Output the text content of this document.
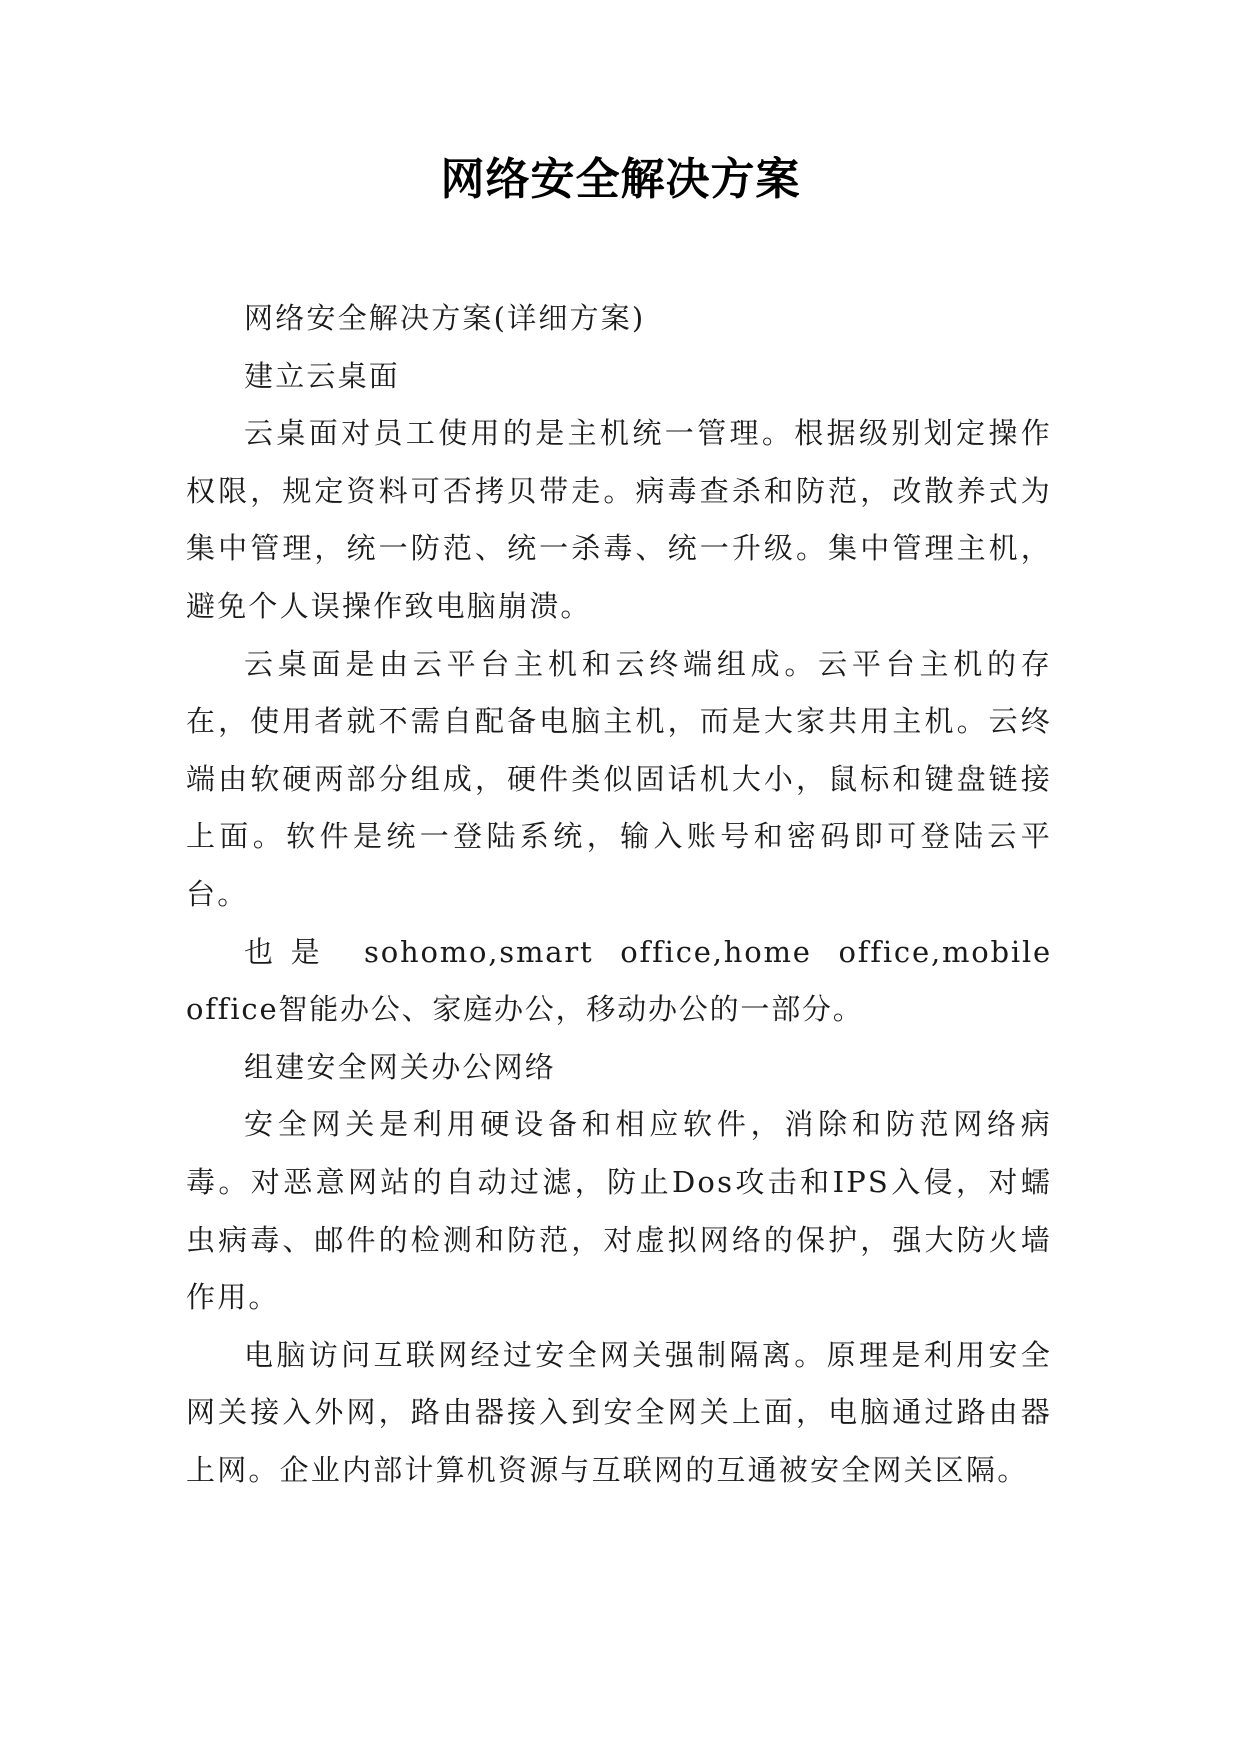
网络安全解决方案

网络安全解决方案(详细方案)

建立云桌面

云桌面对员工使用的是主机统一管理。根据级别划定操作权限，规定资料可否拷贝带走。病毒查杀和防范，改散养式为集中管理，统一防范、统一杀毒、统一升级。集中管理主机，避免个人误操作致电脑崩溃。

云桌面是由云平台主机和云终端组成。云平台主机的存在，使用者就不需自配备电脑主机，而是大家共用主机。云终端由软硬两部分组成，硬件类似固话机大小，鼠标和键盘链接上面。软件是统一登陆系统，输入账号和密码即可登陆云平台。

也是 sohomo,smart office,home office,mobile office智能办公、家庭办公，移动办公的一部分。

组建安全网关办公网络

安全网关是利用硬设备和相应软件，消除和防范网络病毒。对恶意网站的自动过滤，防止Dos攻击和IPS入侵，对蠕虫病毒、邮件的检测和防范，对虚拟网络的保护，强大防火墙作用。

电脑访问互联网经过安全网关强制隔离。原理是利用安全网关接入外网，路由器接入到安全网关上面，电脑通过路由器上网。企业内部计算机资源与互联网的互通被安全网关区隔。
